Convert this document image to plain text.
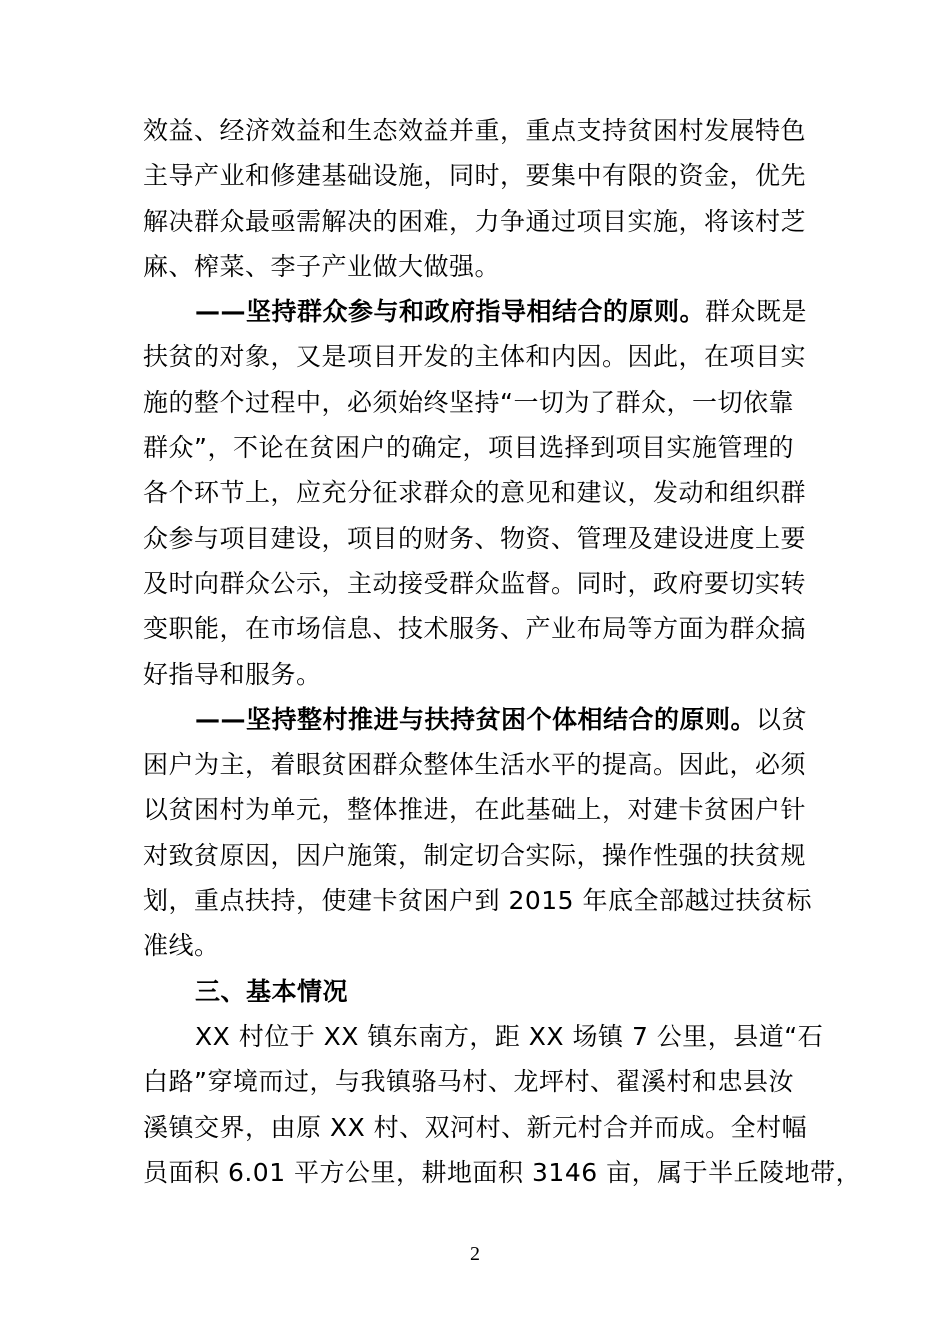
效益、经济效益和生态效益并重，重点支持贫困村发展特色
主导产业和修建基础设施，同时，要集中有限的资金，优先
解决群众最亟需解决的困难，力争通过项目实施，将该村芝
麻、榨菜、李子产业做大做强。
——坚持群众参与和政府指导相结合的原则。群众既是
扶贫的对象，又是项目开发的主体和内因。因此，在项目实
施的整个过程中，必须始终坚持“一切为了群众，一切依靠
群众”，不论在贫困户的确定，项目选择到项目实施管理的
各个环节上，应充分征求群众的意见和建议，发动和组织群
众参与项目建设，项目的财务、物资、管理及建设进度上要
及时向群众公示，主动接受群众监督。同时，政府要切实转
变职能，在市场信息、技术服务、产业布局等方面为群众搞
好指导和服务。
——坚持整村推进与扶持贫困个体相结合的原则。以贫
困户为主，着眼贫困群众整体生活水平的提高。因此，必须
以贫困村为单元，整体推进，在此基础上，对建卡贫困户针
对致贫原因，因户施策，制定切合实际，操作性强的扶贫规
划，重点扶持，使建卡贫困户到 2015 年底全部越过扶贫标
准线。
三、基本情况
XX 村位于 XX 镇东南方，距 XX 场镇 7 公里，县道“石
白路”穿境而过，与我镇骆马村、龙坪村、翟溪村和忠县汝
溪镇交界，由原 XX 村、双河村、新元村合并而成。全村幅
员面积 6.01 平方公里，耕地面积 3146 亩，属于半丘陵地带，
2
